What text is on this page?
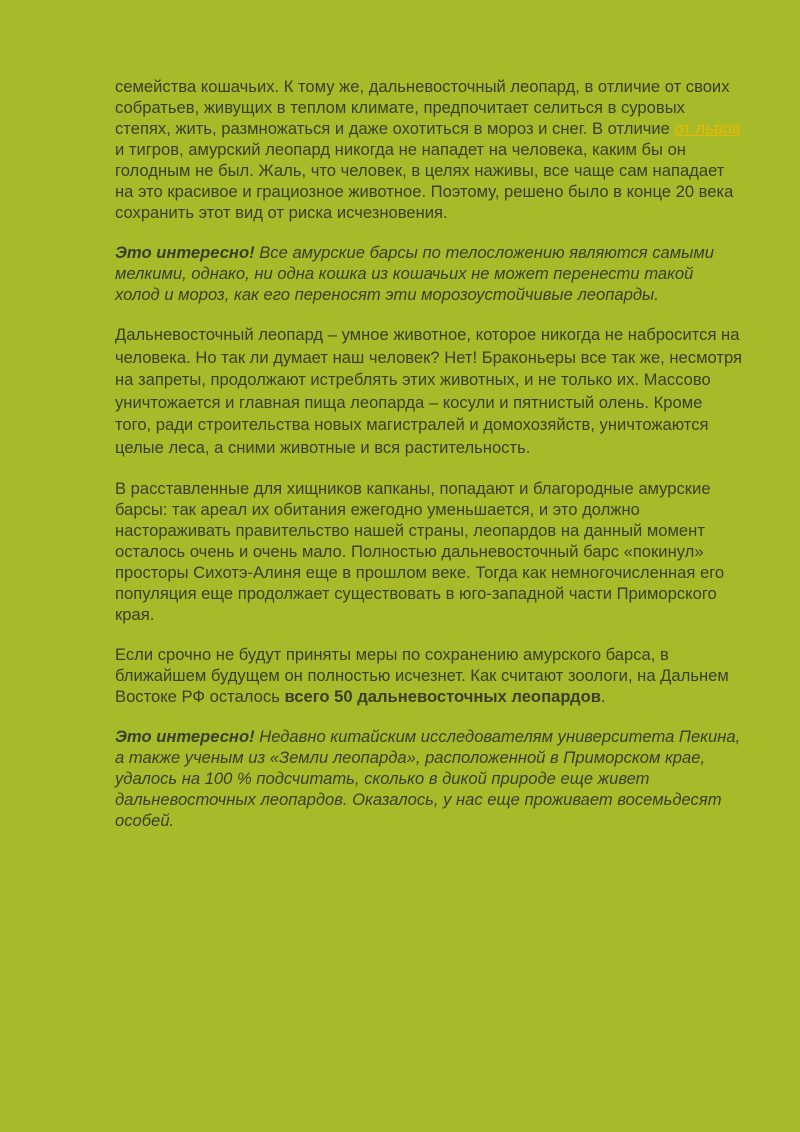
семейства кошачьих. К тому же, дальневосточный леопард, в отличие от своих собратьев, живущих в теплом климате, предпочитает селиться в суровых степях, жить, размножаться и даже охотиться в мороз и снег. В отличие от львов и тигров, амурский леопард никогда не нападет на человека, каким бы он голодным не был. Жаль, что человек, в целях наживы, все чаще сам нападает на это красивое и грациозное животное. Поэтому, решено было в конце 20 века сохранить этот вид от риска исчезновения.

Это интересно! Все амурские барсы по телосложению являются самыми мелкими, однако, ни одна кошка из кошачьих не может перенести такой холод и мороз, как его переносят эти морозоустойчивые леопарды.

Дальневосточный леопард – умное животное, которое никогда не набросится на человека. Но так ли думает наш человек? Нет! Браконьеры все так же, несмотря на запреты, продолжают истреблять этих животных, и не только их. Массово уничтожается и главная пища леопарда – косули и пятнистый олень. Кроме того, ради строительства новых магистралей и домохозяйств, уничтожаются целые леса, а сними животные и вся растительность.

В расставленные для хищников капканы, попадают и благородные амурские барсы: так ареал их обитания ежегодно уменьшается, и это должно настораживать правительство нашей страны, леопардов на данный момент осталось очень и очень мало. Полностью дальневосточный барс «покинул» просторы Сихотэ-Алиня еще в прошлом веке. Тогда как немногочисленная его популяция еще продолжает существовать в юго-западной части Приморского края.

Если срочно не будут приняты меры по сохранению амурского барса, в ближайшем будущем он полностью исчезнет. Как считают зоологи, на Дальнем Востоке РФ осталось всего 50 дальневосточных леопардов.

Это интересно! Недавно китайским исследователям университета Пекина, а также ученым из «Земли леопарда», расположенной в Приморском крае, удалось на 100 % подсчитать, сколько в дикой природе еще живет дальневосточных леопардов. Оказалось, у нас еще проживает восемьдесят особей.
